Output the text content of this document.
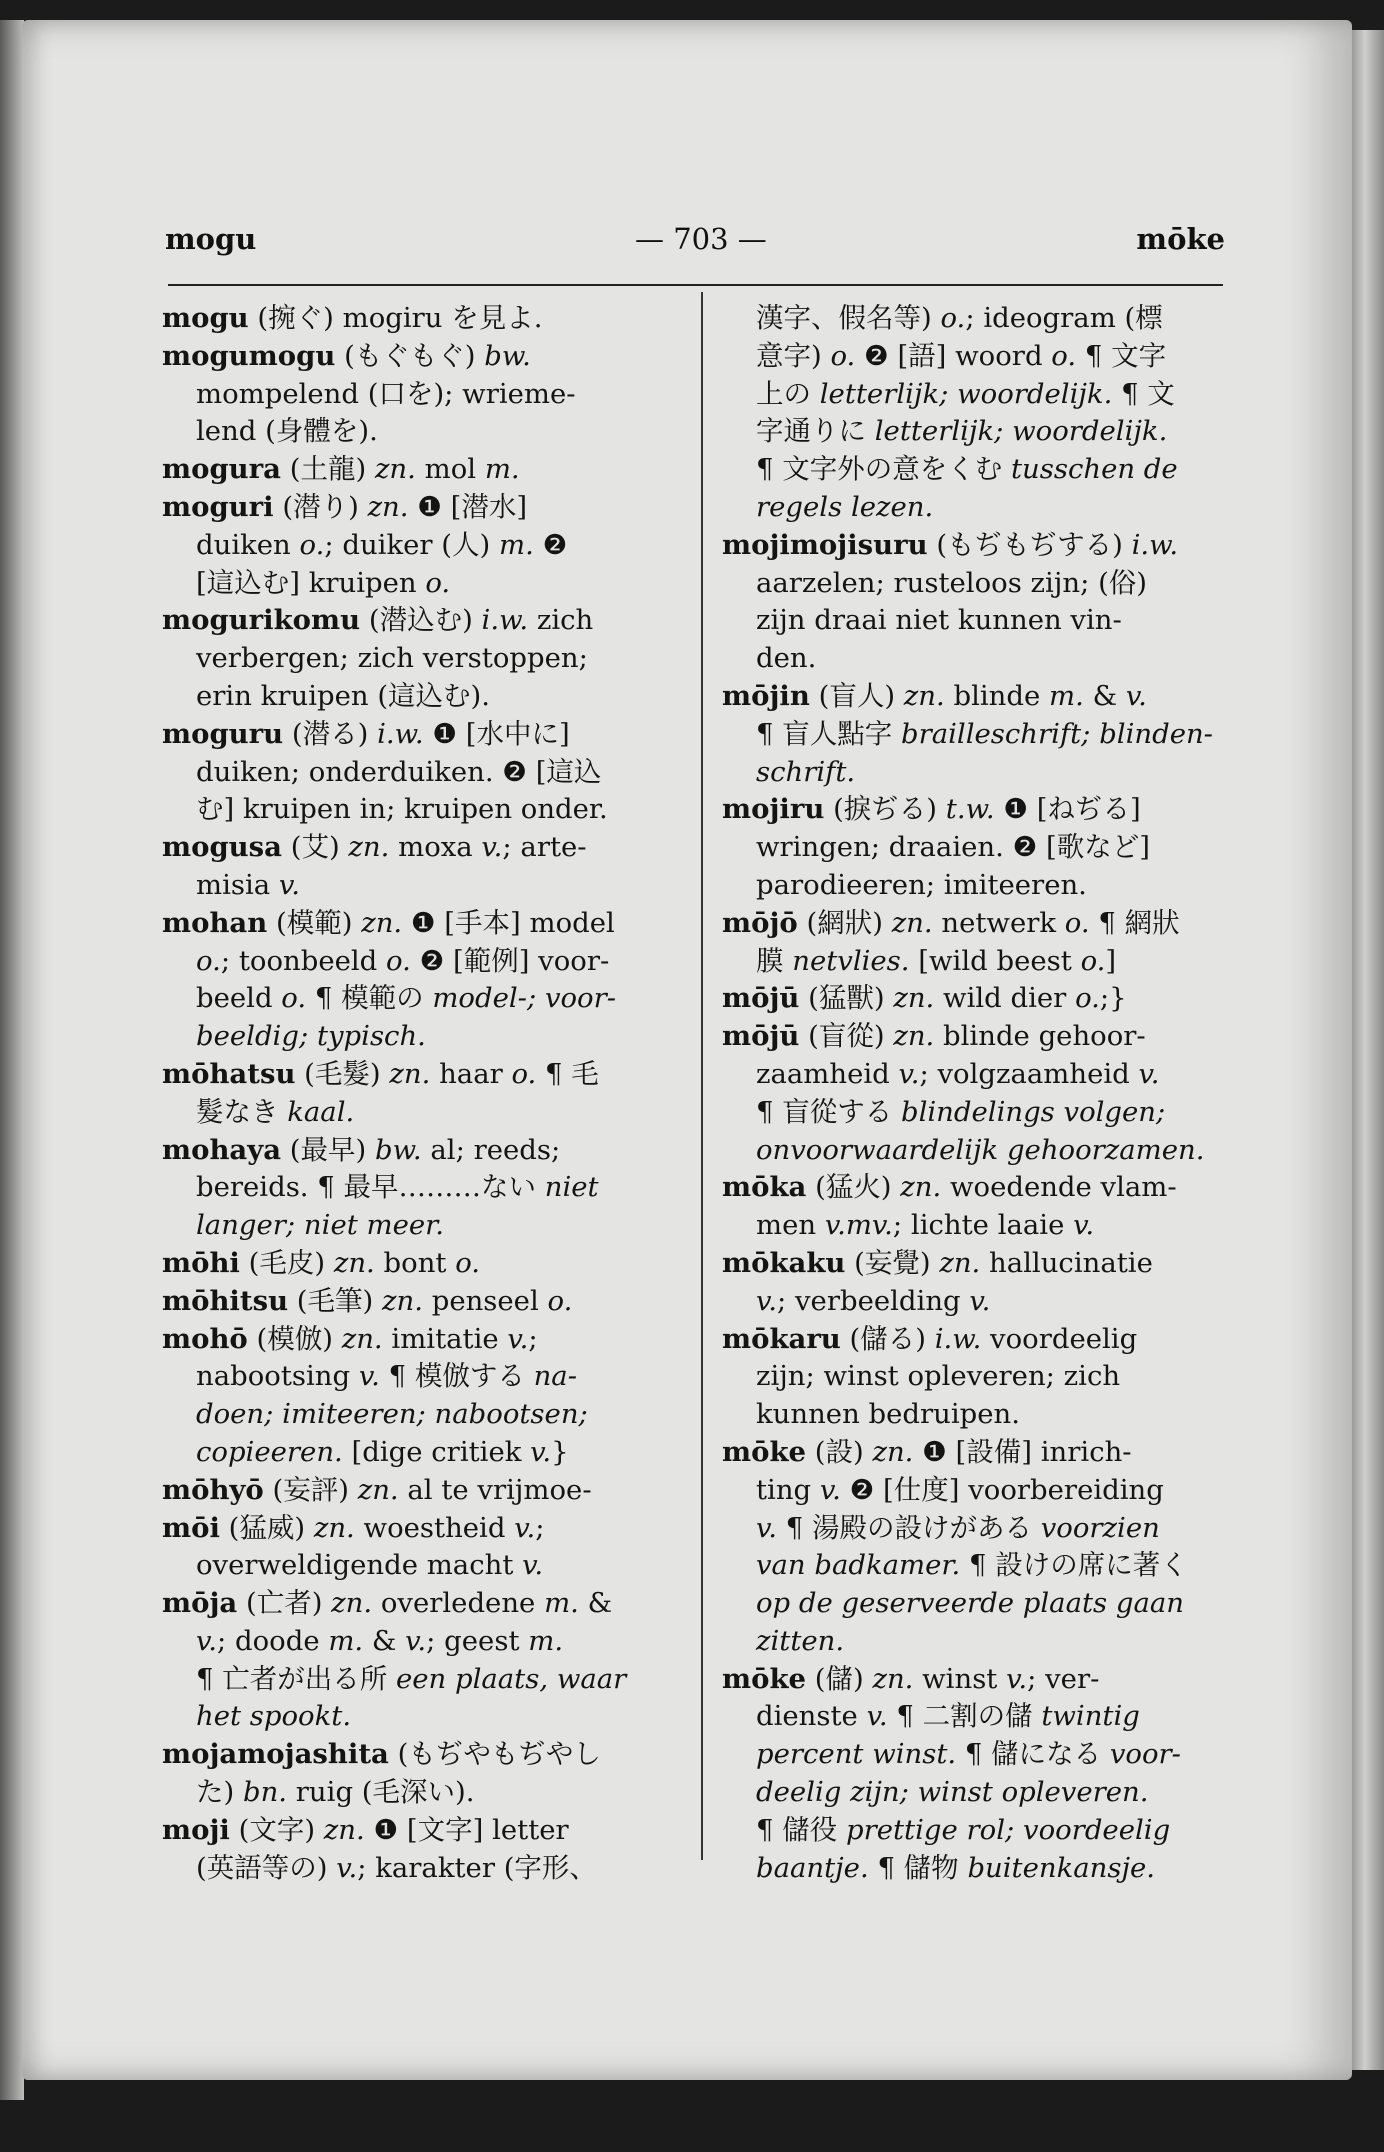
mogu	— 703 —	mōke
mogu (捥ぐ) mogiru を見よ.
mogumogu (もぐもぐ) bw.
mompelend (口を); wrieme-
lend (身體を).
mogura (土龍) zn. mol m.
moguri (潜り) zn. ❶ [潜水]
duiken o.; duiker (人) m. ❷
[這込む] kruipen o.
mogurikomu (潜込む) i.w. zich
verbergen; zich verstoppen;
erin kruipen (這込む).
moguru (潜る) i.w. ❶ [水中に]
duiken; onderduiken. ❷ [這込
む] kruipen in; kruipen onder.
mogusa (艾) zn. moxa v.; arte-
misia v.
mohan (模範) zn. ❶ [手本] model
o.; toonbeeld o. ❷ [範例] voor-
beeld o. ¶ 模範の model-; voor-
beeldig; typisch.
mōhatsu (毛髮) zn. haar o. ¶ 毛
髮なき kaal.
mohaya (最早) bw. al; reeds;
bereids. ¶ 最早………ない niet
langer; niet meer.
mōhi (毛皮) zn. bont o.
mōhitsu (毛筆) zn. penseel o.
mohō (模倣) zn. imitatie v.;
nabootsing v. ¶ 模倣する na-
doen; imiteeren; nabootsen;
copieeren. [dige critiek v.}
mōhyō (妄評) zn. al te vrijmoe-
mōi (猛威) zn. woestheid v.;
overweldigende macht v.
mōja (亡者) zn. overledene m. &
v.; doode m. & v.; geest m.
¶ 亡者が出る所 een plaats, waar
het spookt.
mojamojashita (もぢやもぢやし
た) bn. ruig (毛深い).
moji (文字) zn. ❶ [文字] letter
(英語等の) v.; karakter (字形、
漢字、假名等) o.; ideogram (標
意字) o. ❷ [語] woord o. ¶ 文字
上の letterlijk; woordelijk. ¶ 文
字通りに letterlijk; woordelijk.
¶ 文字外の意をくむ tusschen de
regels lezen.
mojimojisuru (もぢもぢする) i.w.
aarzelen; rusteloos zijn; (俗)
zijn draai niet kunnen vin-
den.
mōjin (盲人) zn. blinde m. & v.
¶ 盲人點字 brailleschrift; blinden-
schrift.
mojiru (捩ぢる) t.w. ❶ [ねぢる]
wringen; draaien. ❷ [歌など]
parodieeren; imiteeren.
mōjō (網狀) zn. netwerk o. ¶ 網狀
膜 netvlies. [wild beest o.]
mōjū (猛獸) zn. wild dier o.;}
mōjū (盲從) zn. blinde gehoor-
zaamheid v.; volgzaamheid v.
¶ 盲從する blindelings volgen;
onvoorwaardelijk gehoorzamen.
mōka (猛火) zn. woedende vlam-
men v.mv.; lichte laaie v.
mōkaku (妄覺) zn. hallucinatie
v.; verbeelding v.
mōkaru (儲る) i.w. voordeelig
zijn; winst opleveren; zich
kunnen bedruipen.
mōke (設) zn. ❶ [設備] inrich-
ting v. ❷ [仕度] voorbereiding
v. ¶ 湯殿の設けがある voorzien
van badkamer. ¶ 設けの席に著く
op de geserveerde plaats gaan
zitten.
mōke (儲) zn. winst v.; ver-
dienste v. ¶ 二割の儲 twintig
percent winst. ¶ 儲になる voor-
deelig zijn; winst opleveren.
¶ 儲役 prettige rol; voordeelig
baantje. ¶ 儲物 buitenkansje.
